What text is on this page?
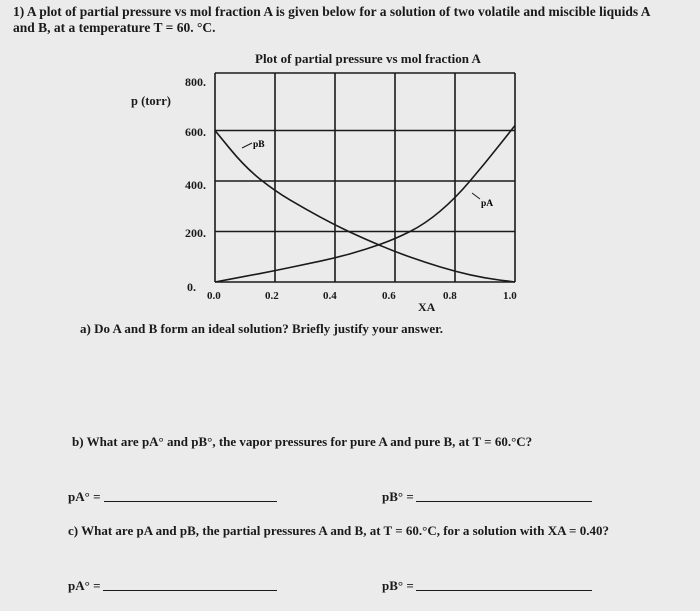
1) A plot of partial pressure vs mol fraction A is given below for a solution of two volatile and miscible liquids A and B, at a temperature T = 60. °C.
Plot of partial pressure vs mol fraction A
p (torr)
800.
600.
400.
200.
0.
0.0	0.2	0.4	0.6	0.8	1.0
XA
pB
pA
a) Do A and B form an ideal solution? Briefly justify your answer.
b) What are pA° and pB°, the vapor pressures for pure A and pure B, at T = 60.°C?
pA° =	pB° =
c) What are pA and pB, the partial pressures A and B, at T = 60.°C, for a solution with XA = 0.40?
pA° =	pB° =
